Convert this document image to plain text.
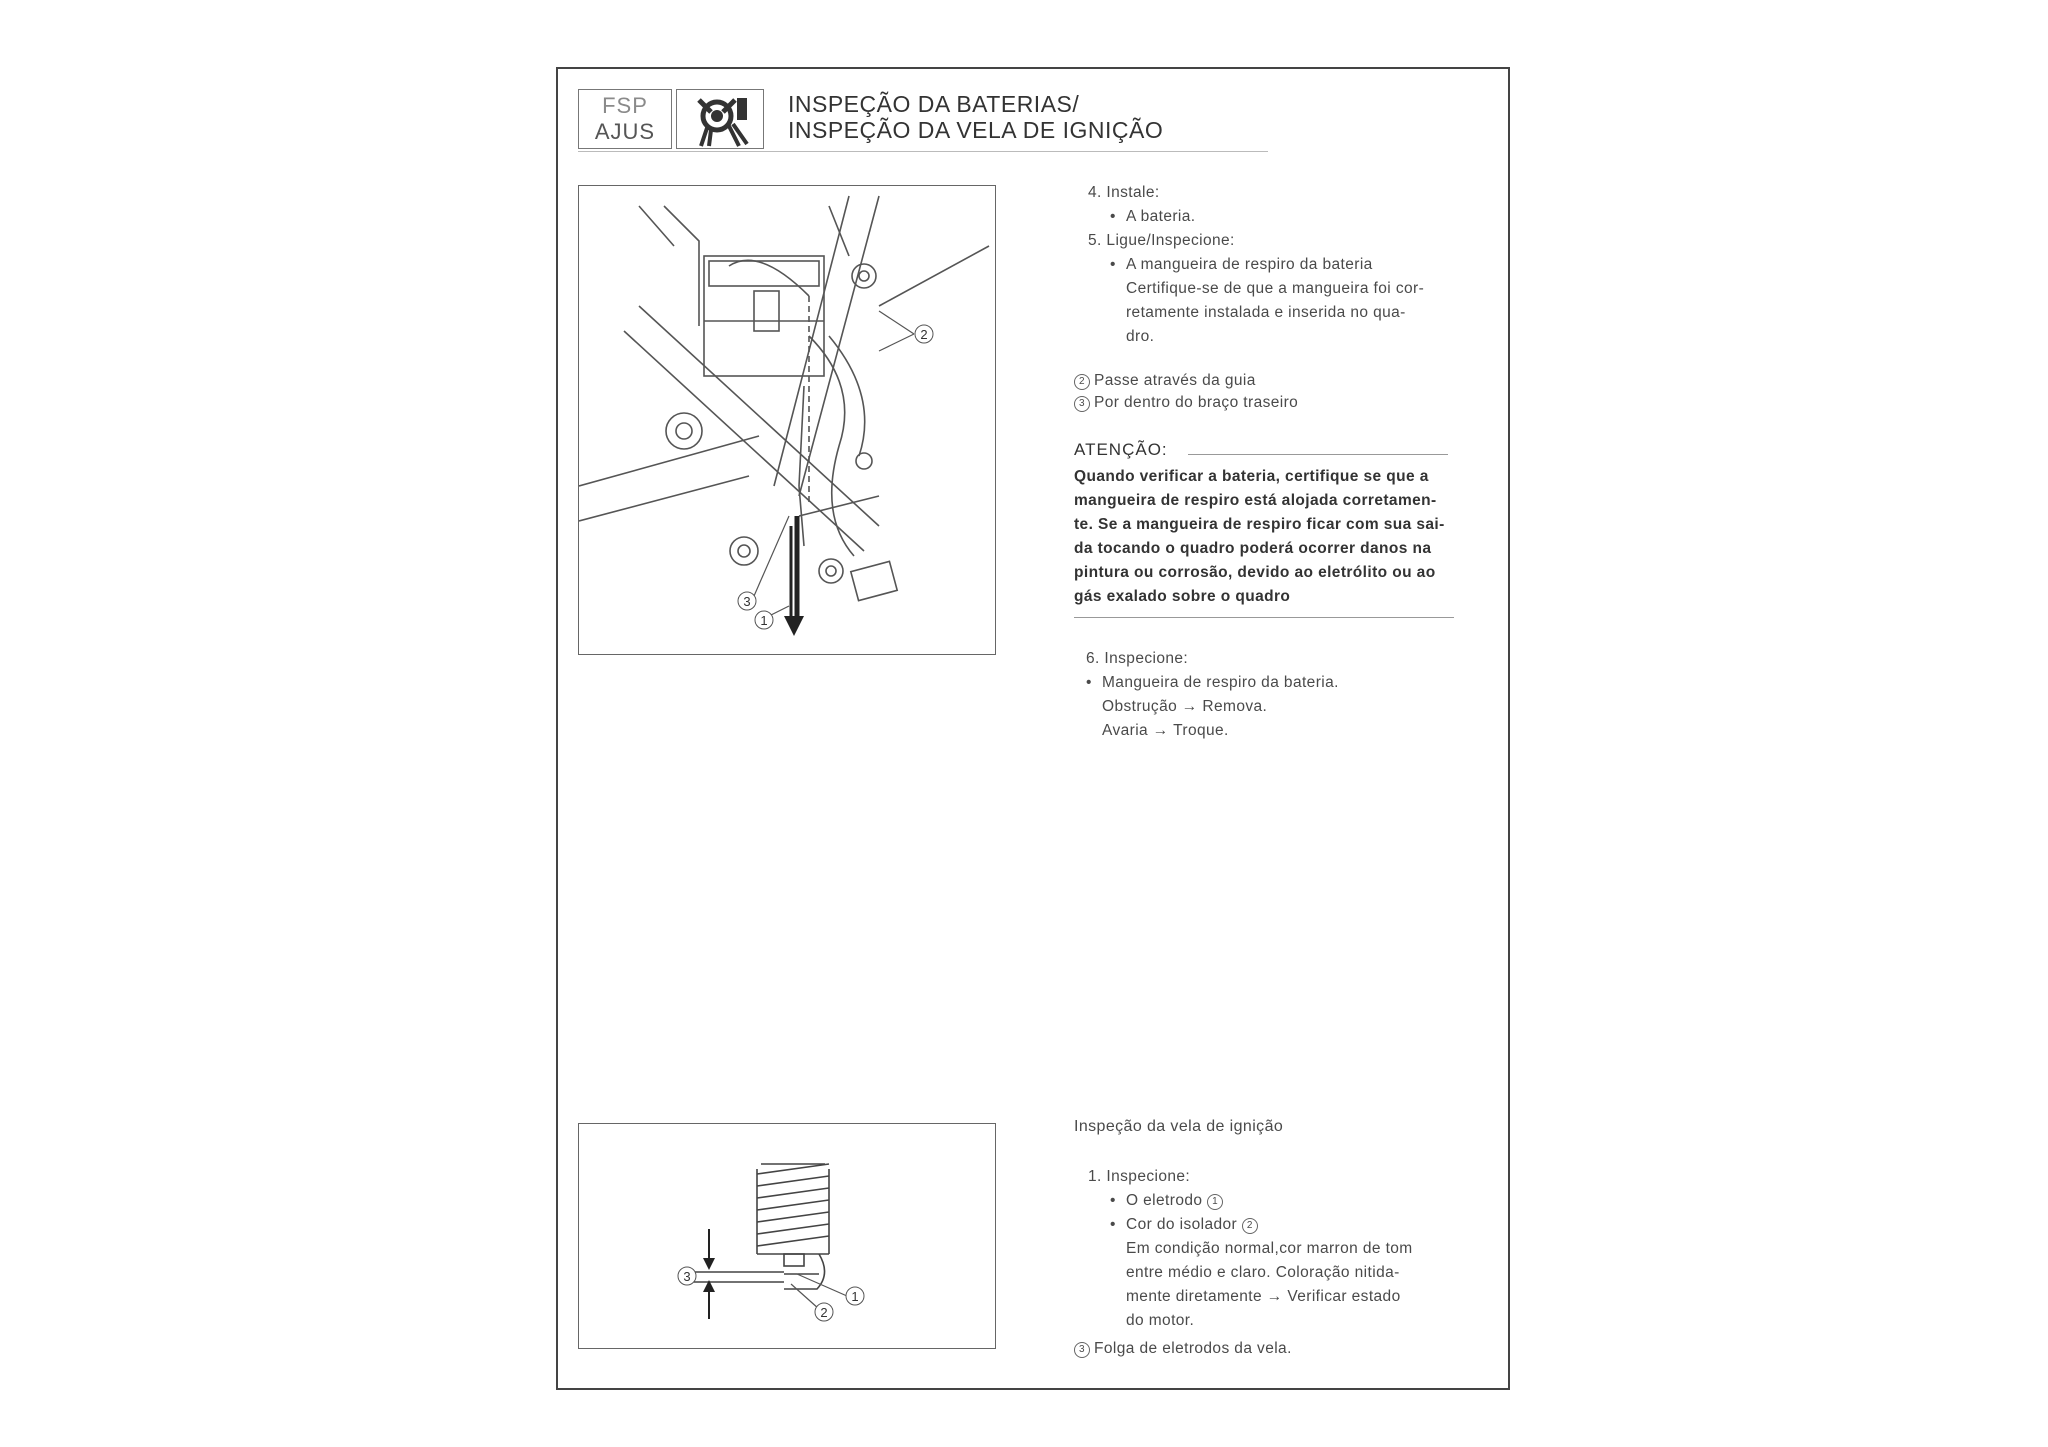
FSP
AJUS
INSPEÇÃO DA BATERIAS/
INSPEÇÃO DA VELA DE IGNIÇÃO
2
3
1
4. Instale:
• A bateria.
5. Ligue/Inspecione:
• A mangueira de respiro da bateria
Certifique-se de que a mangueira foi cor-
retamente instalada e inserida no qua-
dro.
2 Passe através da guia
3 Por dentro do braço traseiro
ATENÇÃO:
Quando verificar a bateria, certifique se que a
mangueira de respiro está alojada corretamen-
te. Se a mangueira de respiro ficar com sua sai-
da tocando o quadro poderá ocorrer danos na
pintura ou corrosão, devido ao eletrólito ou ao
gás exalado sobre o quadro
6. Inspecione:
• Mangueira de respiro da bateria.
Obstrução → Remova.
Avaria → Troque.
3
1
2
Inspeção da vela de ignição
1. Inspecione:
• O eletrodo 1
• Cor do isolador 2
Em condição normal,cor marron de tom
entre médio e claro. Coloração nitida-
mente diretamente → Verificar estado
do motor.
3 Folga de eletrodos da vela.
